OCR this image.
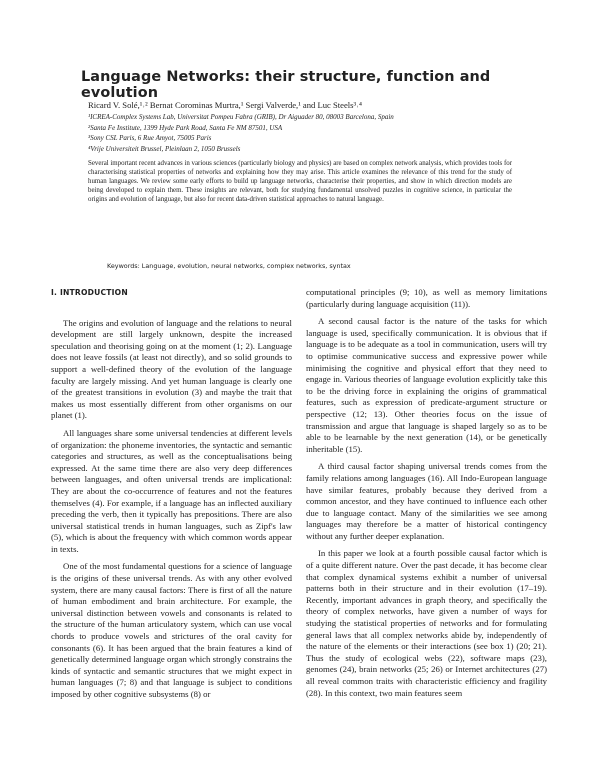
Language Networks: their structure, function and evolution
Ricard V. Solé,¹˒² Bernat Corominas Murtra,¹ Sergi Valverde,¹ and Luc Steels³˒⁴
¹ICREA-Complex Systems Lab, Universitat Pompeu Fabra (GRIB), Dr Aiguader 80, 08003 Barcelona, Spain
²Santa Fe Institute, 1399 Hyde Park Road, Santa Fe NM 87501, USA
³Sony CSL Paris, 6 Rue Amyot, 75005 Paris
⁴Vrije Universiteit Brussel, Pleinlaan 2, 1050 Brussels
Several important recent advances in various sciences (particularly biology and physics) are based on complex network analysis, which provides tools for characterising statistical properties of networks and explaining how they may arise. This article examines the relevance of this trend for the study of human languages. We review some early efforts to build up language networks, characterise their properties, and show in which direction models are being developed to explain them. These insights are relevant, both for studying fundamental unsolved puzzles in cognitive science, in particular the origins and evolution of language, but also for recent data-driven statistical approaches to natural language.
Keywords: Language, evolution, neural networks, complex networks, syntax
I. INTRODUCTION

The origins and evolution of language and the relations to neural development are still largely unknown, despite the increased speculation and theorising going on at the moment (1; 2). Language does not leave fossils (at least not directly), and so solid grounds to support a well-defined theory of the evolution of the language faculty are largely missing. And yet human language is clearly one of the greatest transitions in evolution (3) and maybe the trait that makes us most essentially different from other organisms on our planet (1).

All languages share some universal tendencies at different levels of organization: the phoneme inventories, the syntactic and semantic categories and structures, as well as the conceptualisations being expressed. At the same time there are also very deep differences between languages, and often universal trends are implicational: They are about the co-occurrence of features and not the features themselves (4). For example, if a language has an inflected auxiliary preceding the verb, then it typically has prepositions. There are also universal statistical trends in human languages, such as Zipf's law (5), which is about the frequency with which common words appear in texts.

One of the most fundamental questions for a science of language is the origins of these universal trends. As with any other evolved system, there are many causal factors: There is first of all the nature of human embodiment and brain architecture. For example, the universal distinction between vowels and consonants is related to the structure of the human articulatory system, which can use vocal chords to produce vowels and strictures of the oral cavity for consonants (6). It has been argued that the brain features a kind of genetically determined language organ which strongly constrains the kinds of syntactic and semantic structures that we might expect in human languages (7; 8) and that language is subject to conditions imposed by other cognitive subsystems (8) or

computational principles (9; 10), as well as memory limitations (particularly during language acquisition (11)).

A second causal factor is the nature of the tasks for which language is used, specifically communication. It is obvious that if language is to be adequate as a tool in communication, users will try to optimise communicative success and expressive power while minimising the cognitive and physical effort that they need to engage in. Various theories of language evolution explicitly take this to be the driving force in explaining the origins of grammatical features, such as expression of predicate-argument structure or perspective (12; 13). Other theories focus on the issue of transmission and argue that language is shaped largely so as to be able to be learnable by the next generation (14), or be genetically inheritable (15).

A third causal factor shaping universal trends comes from the family relations among languages (16). All Indo-European language have similar features, probably because they derived from a common ancestor, and they have continued to influence each other due to language contact. Many of the similarities we see among languages may therefore be a matter of historical contingency without any further deeper explanation.

In this paper we look at a fourth possible causal factor which is of a quite different nature. Over the past decade, it has become clear that complex dynamical systems exhibit a number of universal patterns both in their structure and in their evolution (17–19). Recently, important advances in graph theory, and specifically the theory of complex networks, have given a number of ways for studying the statistical properties of networks and for formulating general laws that all complex networks abide by, independently of the nature of the elements or their interactions (see box 1) (20; 21). Thus the study of ecological webs (22), software maps (23), genomes (24), brain networks (25; 26) or Internet architectures (27) all reveal common traits with characteristic efficiency and fragility (28). In this context, two main features seem
